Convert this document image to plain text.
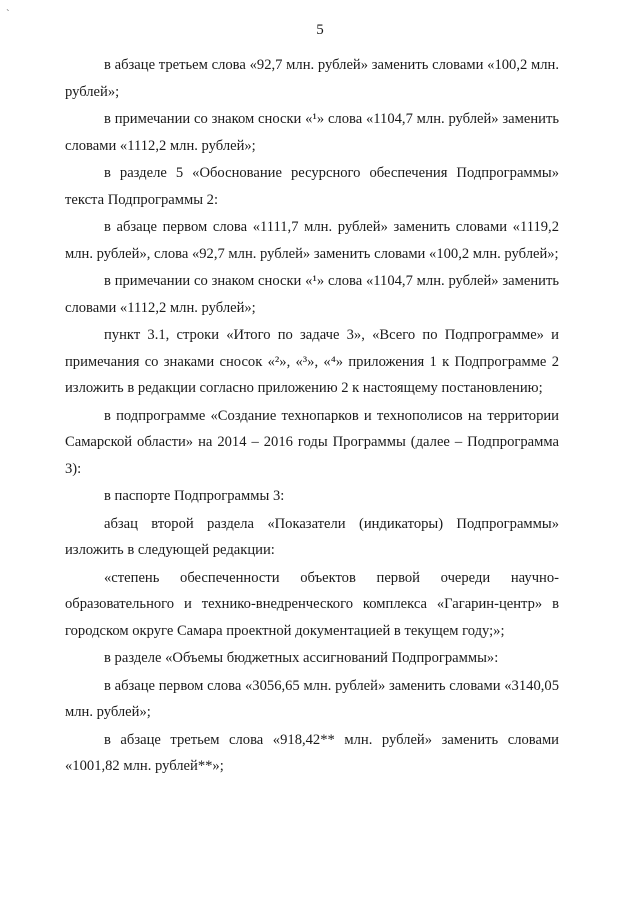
`
5

в абзаце третьем слова «92,7 млн. рублей» заменить словами «100,2 млн. рублей»;

в примечании со знаком сноски «¹» слова «1104,7 млн. рублей» заменить словами «1112,2 млн. рублей»;

в разделе 5 «Обоснование ресурсного обеспечения Подпрограммы» текста Подпрограммы 2:

в абзаце первом слова «1111,7 млн. рублей» заменить словами «1119,2 млн. рублей», слова «92,7 млн. рублей» заменить словами «100,2 млн. рублей»;

в примечании со знаком сноски «¹» слова «1104,7 млн. рублей» заменить словами «1112,2 млн. рублей»;

пункт 3.1, строки «Итого по задаче 3», «Всего по Подпрограмме» и примечания со знаками сносок «²», «³», «⁴» приложения 1 к Подпрограмме 2 изложить в редакции согласно приложению 2 к настоящему постановлению;

в подпрограмме «Создание технопарков и технополисов на территории Самарской области» на 2014 – 2016 годы Программы (далее – Подпрограмма 3):

в паспорте Подпрограммы 3:

абзац второй раздела «Показатели (индикаторы) Подпрограммы» изложить в следующей редакции:

«степень обеспеченности объектов первой очереди научно-образовательного и технико-внедренческого комплекса «Гагарин-центр» в городском округе Самара проектной документацией в текущем году;»;

в разделе «Объемы бюджетных ассигнований Подпрограммы»:

в абзаце первом слова «3056,65 млн. рублей» заменить словами «3140,05 млн. рублей»;

в абзаце третьем слова «918,42** млн. рублей» заменить словами «1001,82 млн. рублей**»;
